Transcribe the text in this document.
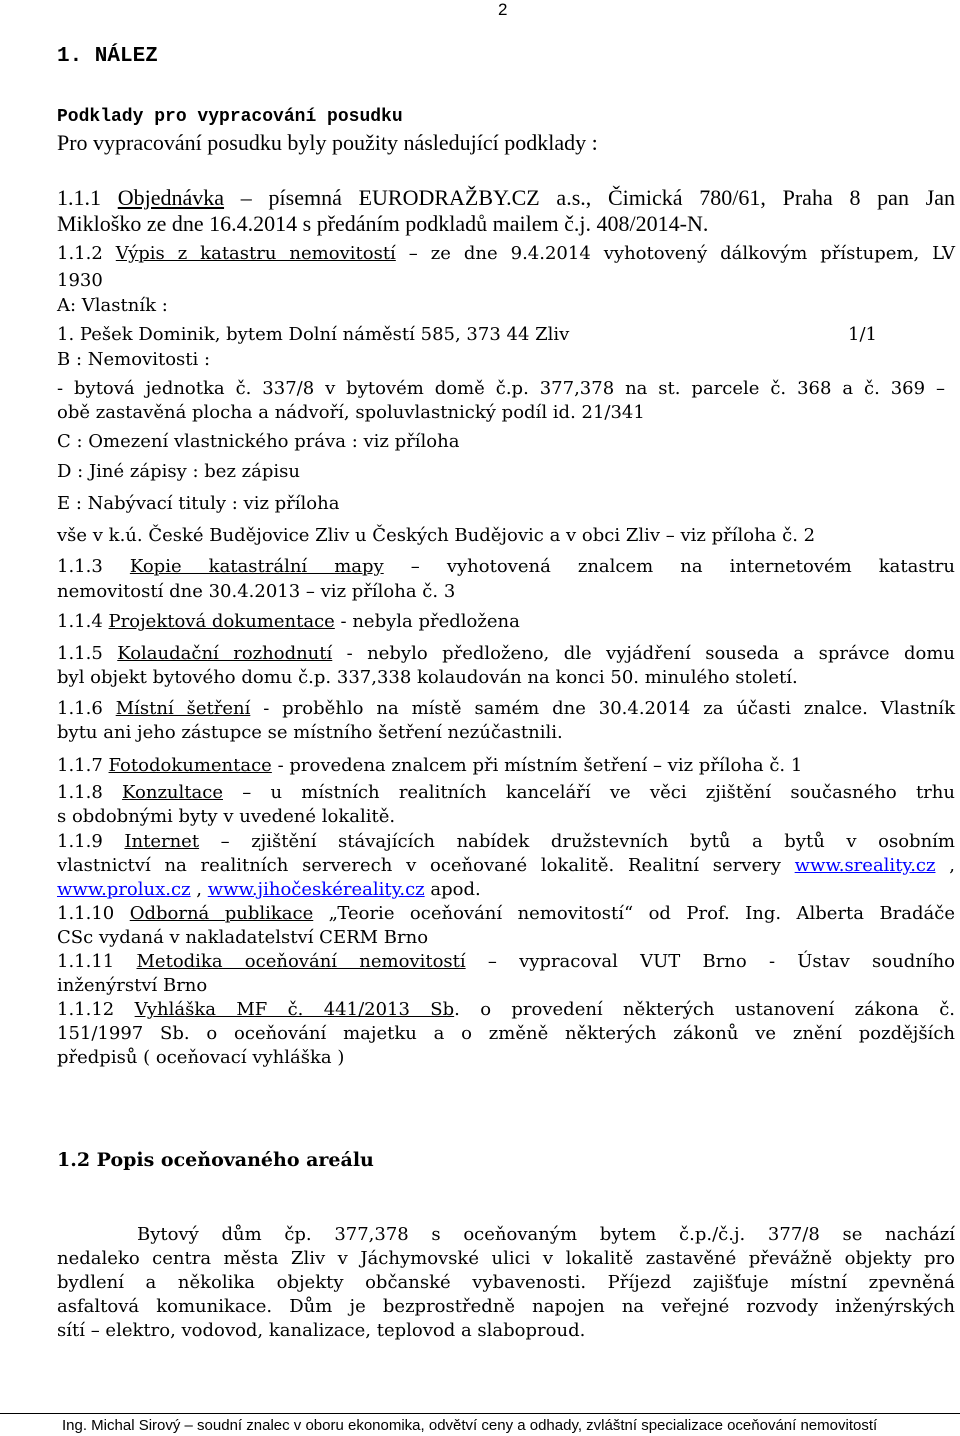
2
1. NÁLEZ
Podklady pro vypracování posudku
Pro vypracování posudku byly použity následující podklady :
1.1.1 Objednávka – písemná EURODRAŽBY.CZ a.s., Čimická 780/61, Praha 8 pan Jan
Mikloško ze dne 16.4.2014 s předáním podkladů mailem č.j. 408/2014-N.
1.1.2 Výpis z katastru nemovitostí – ze dne 9.4.2014 vyhotovený dálkovým přístupem, LV
1930
A: Vlastník :
1. Pešek Dominik, bytem Dolní náměstí 585, 373 44 Zliv	1/1
B : Nemovitosti :
- bytová jednotka č. 337/8 v bytovém domě č.p. 377,378 na st. parcele č. 368 a č. 369 –
obě zastavěná plocha a nádvoří, spoluvlastnický podíl id. 21/341
C : Omezení vlastnického práva : viz příloha
D : Jiné zápisy : bez zápisu
E : Nabývací tituly : viz příloha
vše v k.ú. České Budějovice Zliv u Českých Budějovic a v obci Zliv – viz příloha č. 2
1.1.3 Kopie katastrální mapy – vyhotovená znalcem na internetovém katastru
nemovitostí dne 30.4.2013 – viz příloha č. 3
1.1.4 Projektová dokumentace - nebyla předložena
1.1.5 Kolaudační rozhodnutí - nebylo předloženo, dle vyjádření souseda a správce domu
byl objekt bytového domu č.p. 337,338 kolaudován na konci 50. minulého století.
1.1.6 Místní šetření - proběhlo na místě samém dne 30.4.2014 za účasti znalce. Vlastník
bytu ani jeho zástupce se místního šetření nezúčastnili.
1.1.7 Fotodokumentace - provedena znalcem při místním šetření – viz příloha č. 1
1.1.8 Konzultace – u místních realitních kanceláří ve věci zjištění současného trhu
s obdobnými byty v uvedené lokalitě.
1.1.9 Internet – zjištění stávajících nabídek družstevních bytů a bytů v osobním
vlastnictví na realitních serverech v oceňované lokalitě. Realitní servery www.sreality.cz ,
www.prolux.cz , www.jihočeskéreality.cz apod.
1.1.10 Odborná publikace „Teorie oceňování nemovitostí“ od Prof. Ing. Alberta Bradáče
CSc vydaná v nakladatelství CERM Brno
1.1.11 Metodika oceňování nemovitostí – vypracoval VUT Brno - Ústav soudního
inženýrství Brno
1.1.12 Vyhláška MF č. 441/2013 Sb. o provedení některých ustanovení zákona č.
151/1997 Sb. o oceňování majetku a o změně některých zákonů ve znění pozdějších
předpisů ( oceňovací vyhláška )
1.2 Popis oceňovaného areálu
Bytový dům čp. 377,378 s oceňovaným bytem č.p./č.j. 377/8 se nachází
nedaleko centra města Zliv v Jáchymovské ulici v lokalitě zastavěné převážně objekty pro
bydlení a několika objekty občanské vybavenosti. Příjezd zajišťuje místní zpevněná
asfaltová komunikace. Dům je bezprostředně napojen na veřejné rozvody inženýrských
sítí – elektro, vodovod, kanalizace, teplovod a slaboproud.
Ing. Michal Sirový – soudní znalec v oboru ekonomika, odvětví ceny a odhady, zvláštní specializace oceňování nemovitostí
